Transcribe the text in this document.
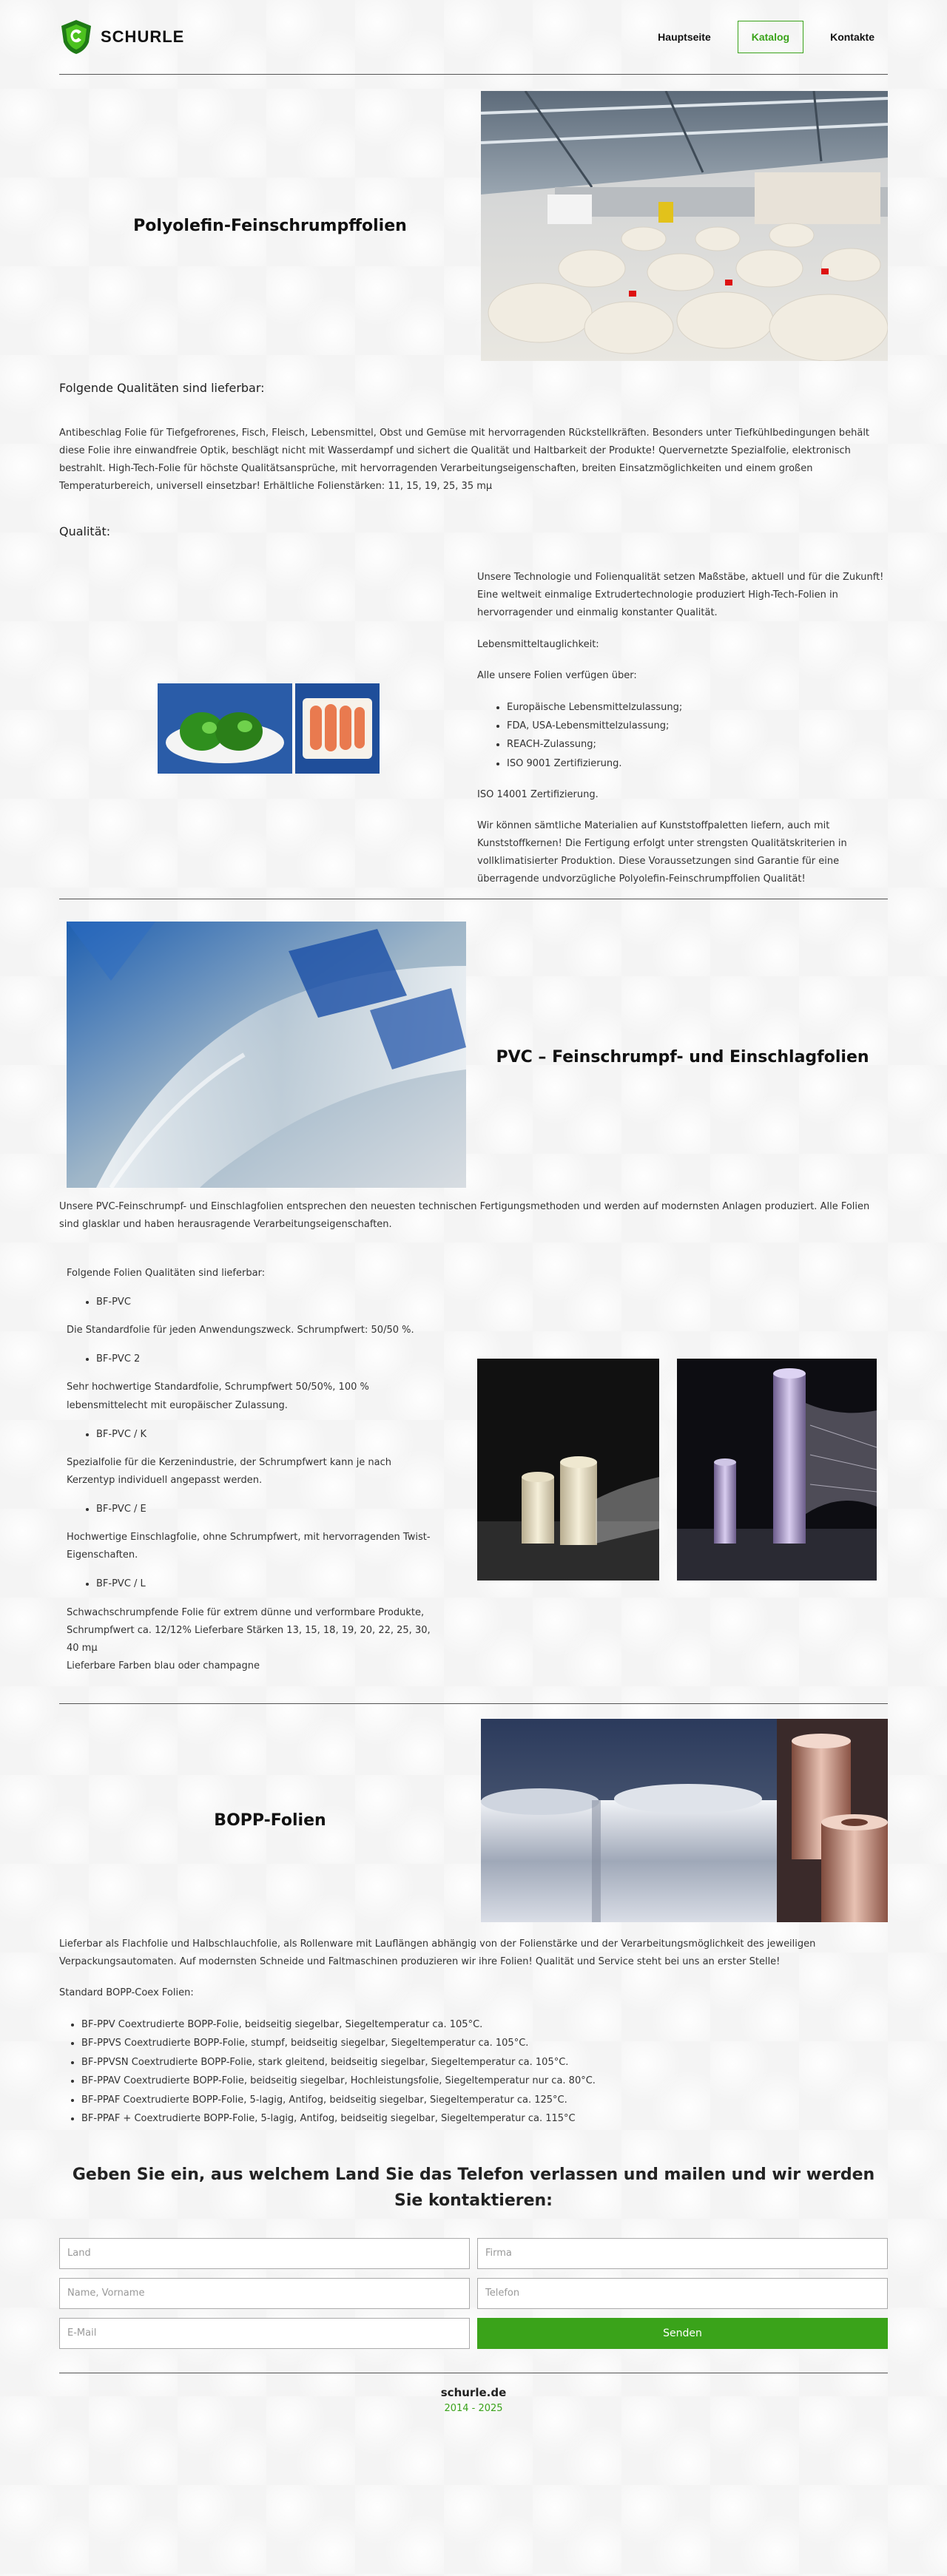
SCHURLE	Hauptseite	Katalog	Kontakte
Polyolefin-Feinschrumpffolien
Folgende Qualitäten sind lieferbar:

Antibeschlag Folie für Tiefgefrorenes, Fisch, Fleisch, Lebensmittel, Obst und Gemüse mit hervorragenden Rückstellkräften. Besonders unter Tiefkühlbedingungen behält diese Folie ihre einwandfreie Optik, beschlägt nicht mit Wasserdampf und sichert die Qualität und Haltbarkeit der Produkte! Quervernetzte Spezialfolie, elektronisch bestrahlt. High-Tech-Folie für höchste Qualitätsansprüche, mit hervorragenden Verarbeitungseigenschaften, breiten Einsatzmöglichkeiten und einem großen Temperaturbereich, universell einsetzbar! Erhältliche Folienstärken: 11, 15, 19, 25, 35 mμ

Qualität:

Unsere Technologie und Folienqualität setzen Maßstäbe, aktuell und für die Zukunft! Eine weltweit einmalige Extrudertechnologie produziert High-Tech-Folien in hervorragender und einmalig konstanter Qualität.

Lebensmitteltauglichkeit:

Alle unsere Folien verfügen über:

• Europäische Lebensmittelzulassung;
• FDA, USA-Lebensmittelzulassung;
• REACH-Zulassung;
• ISO 9001 Zertifizierung.

ISO 14001 Zertifizierung.

Wir können sämtliche Materialien auf Kunststoffpaletten liefern, auch mit Kunststoffkernen! Die Fertigung erfolgt unter strengsten Qualitätskriterien in vollklimatisierter Produktion. Diese Voraussetzungen sind Garantie für eine überragende undvorzügliche Polyolefin-Feinschrumpffolien Qualität!

PVC – Feinschrumpf- und Einschlagfolien

Unsere PVC-Feinschrumpf- und Einschlagfolien entsprechen den neuesten technischen Fertigungsmethoden und werden auf modernsten Anlagen produziert. Alle Folien sind glasklar und haben herausragende Verarbeitungseigenschaften.

Folgende Folien Qualitäten sind lieferbar:

• BF-PVC

Die Standardfolie für jeden Anwendungszweck. Schrumpfwert: 50/50 %.

• BF-PVC 2

Sehr hochwertige Standardfolie, Schrumpfwert 50/50%, 100 % lebensmittelecht mit europäischer Zulassung.

• BF-PVC / K

Spezialfolie für die Kerzenindustrie, der Schrumpfwert kann je nach Kerzentyp individuell angepasst werden.

• BF-PVC / E

Hochwertige Einschlagfolie, ohne Schrumpfwert, mit hervorragenden Twist-Eigenschaften.

• BF-PVC / L

Schwachschrumpfende Folie für extrem dünne und verformbare Produkte, Schrumpfwert ca. 12/12% Lieferbare Stärken 13, 15, 18, 19, 20, 22, 25, 30, 40 mμ

Lieferbare Farben blau oder champagne

BOPP-Folien

Lieferbar als Flachfolie und Halbschlauchfolie, als Rollenware mit Lauflängen abhängig von der Folienstärke und der Verarbeitungsmöglichkeit des jeweiligen Verpackungsautomaten. Auf modernsten Schneide und Faltmaschinen produzieren wir ihre Folien! Qualität und Service steht bei uns an erster Stelle!

Standard BOPP-Coex Folien:

• BF-PPV Coextrudierte BOPP-Folie, beidseitig siegelbar, Siegeltemperatur ca. 105°C.
• BF-PPVS Coextrudierte BOPP-Folie, stumpf, beidseitig siegelbar, Siegeltemperatur ca. 105°C.
• BF-PPVSN Coextrudierte BOPP-Folie, stark gleitend, beidseitig siegelbar, Siegeltemperatur ca. 105°C.
• BF-PPAV Coextrudierte BOPP-Folie, beidseitig siegelbar, Hochleistungsfolie, Siegeltemperatur nur ca. 80°C.
• BF-PPAF Coextrudierte BOPP-Folie, 5-lagig, Antifog, beidseitig siegelbar, Siegeltemperatur ca. 125°C.
• BF-PPAF + Coextrudierte BOPP-Folie, 5-lagig, Antifog, beidseitig siegelbar, Siegeltemperatur ca. 115°C
Geben Sie ein, aus welchem Land Sie das Telefon verlassen und mailen und wir werden Sie kontaktieren:
Land
Firma
Name, Vorname
Telefon
E-Mail
Senden
schurle.de
2014 - 2025
